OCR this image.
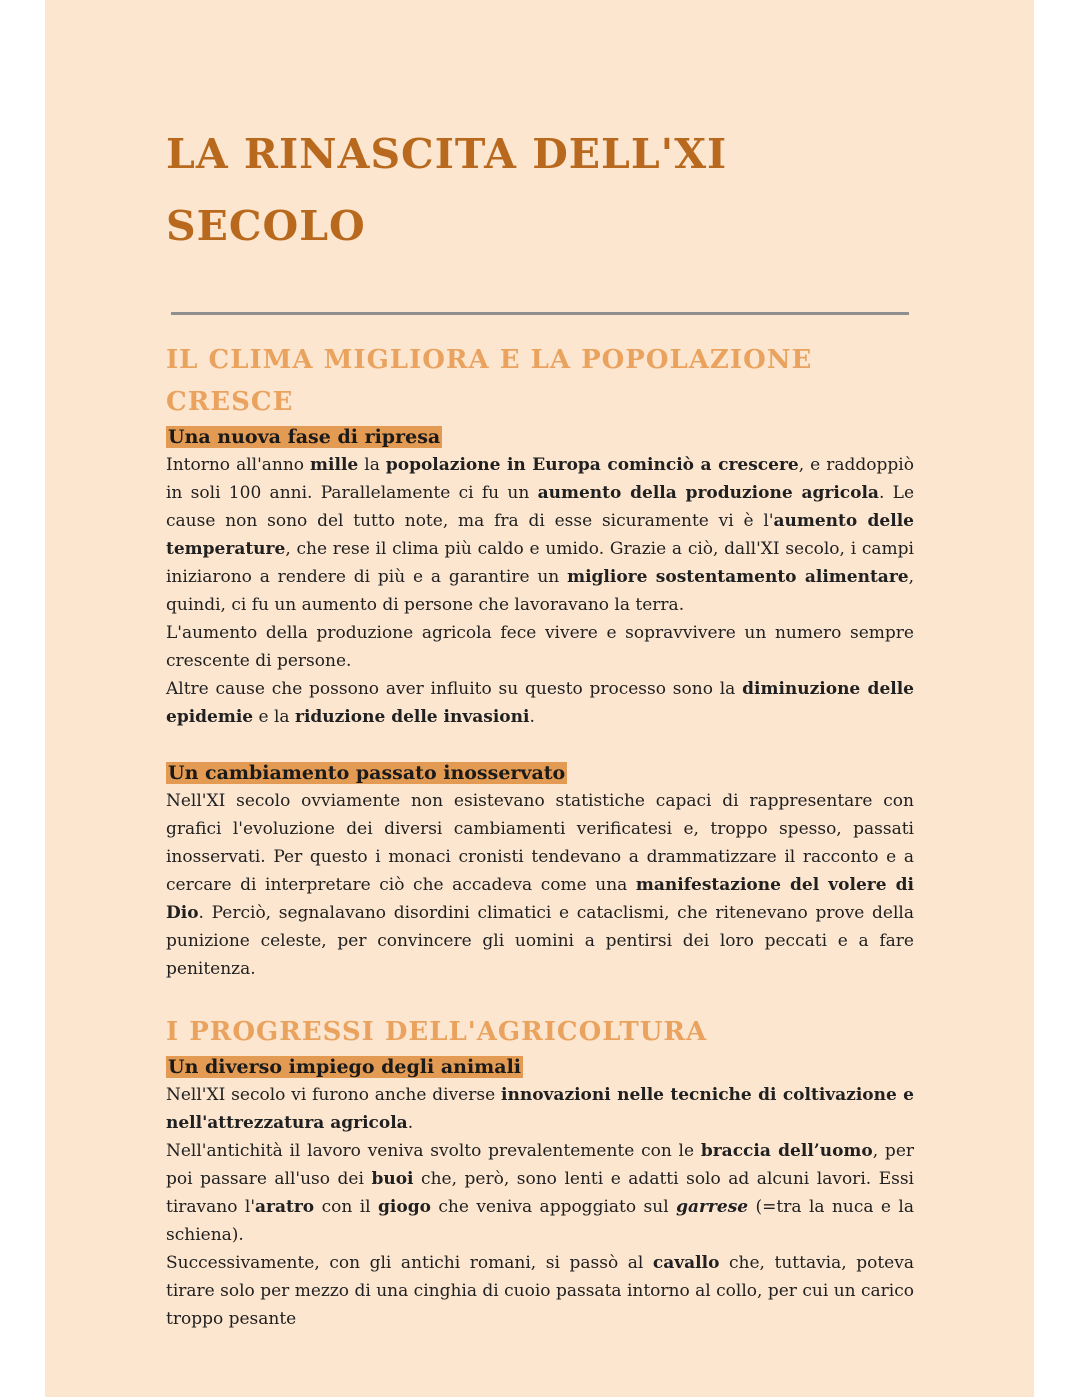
LA RINASCITA DELL'XI
SECOLO
IL CLIMA MIGLIORA E LA POPOLAZIONE CRESCE
Una nuova fase di ripresa

Intorno all'anno mille la popolazione in Europa cominciò a crescere, e raddoppiò in soli 100 anni. Parallelamente ci fu un aumento della produzione agricola. Le cause non sono del tutto note, ma fra di esse sicuramente vi è l'aumento delle temperature, che rese il clima più caldo e umido. Grazie a ciò, dall'XI secolo, i campi iniziarono a rendere di più e a garantire un migliore sostentamento alimentare, quindi, ci fu un aumento di persone che lavoravano la terra.

L'aumento della produzione agricola fece vivere e sopravvivere un numero sempre crescente di persone.

Altre cause che possono aver influito su questo processo sono la diminuzione delle epidemie e la riduzione delle invasioni.

Un cambiamento passato inosservato

Nell'XI secolo ovviamente non esistevano statistiche capaci di rappresentare con grafici l'evoluzione dei diversi cambiamenti verificatesi e, troppo spesso, passati inosservati. Per questo i monaci cronisti tendevano a drammatizzare il racconto e a cercare di interpretare ciò che accadeva come una manifestazione del volere di Dio. Perciò, segnalavano disordini climatici e cataclismi, che ritenevano prove della punizione celeste, per convincere gli uomini a pentirsi dei loro peccati e a fare penitenza.

I PROGRESSI DELL'AGRICOLTURA
Un diverso impiego degli animali

Nell'XI secolo vi furono anche diverse innovazioni nelle tecniche di coltivazione e nell'attrezzatura agricola.

Nell'antichità il lavoro veniva svolto prevalentemente con le braccia dell’uomo, per poi passare all'uso dei buoi che, però, sono lenti e adatti solo ad alcuni lavori. Essi tiravano l'aratro con il giogo che veniva appoggiato sul garrese (=tra la nuca e la schiena).

Successivamente, con gli antichi romani, si passò al cavallo che, tuttavia, poteva tirare solo per mezzo di una cinghia di cuoio passata intorno al collo, per cui un carico troppo pesante
